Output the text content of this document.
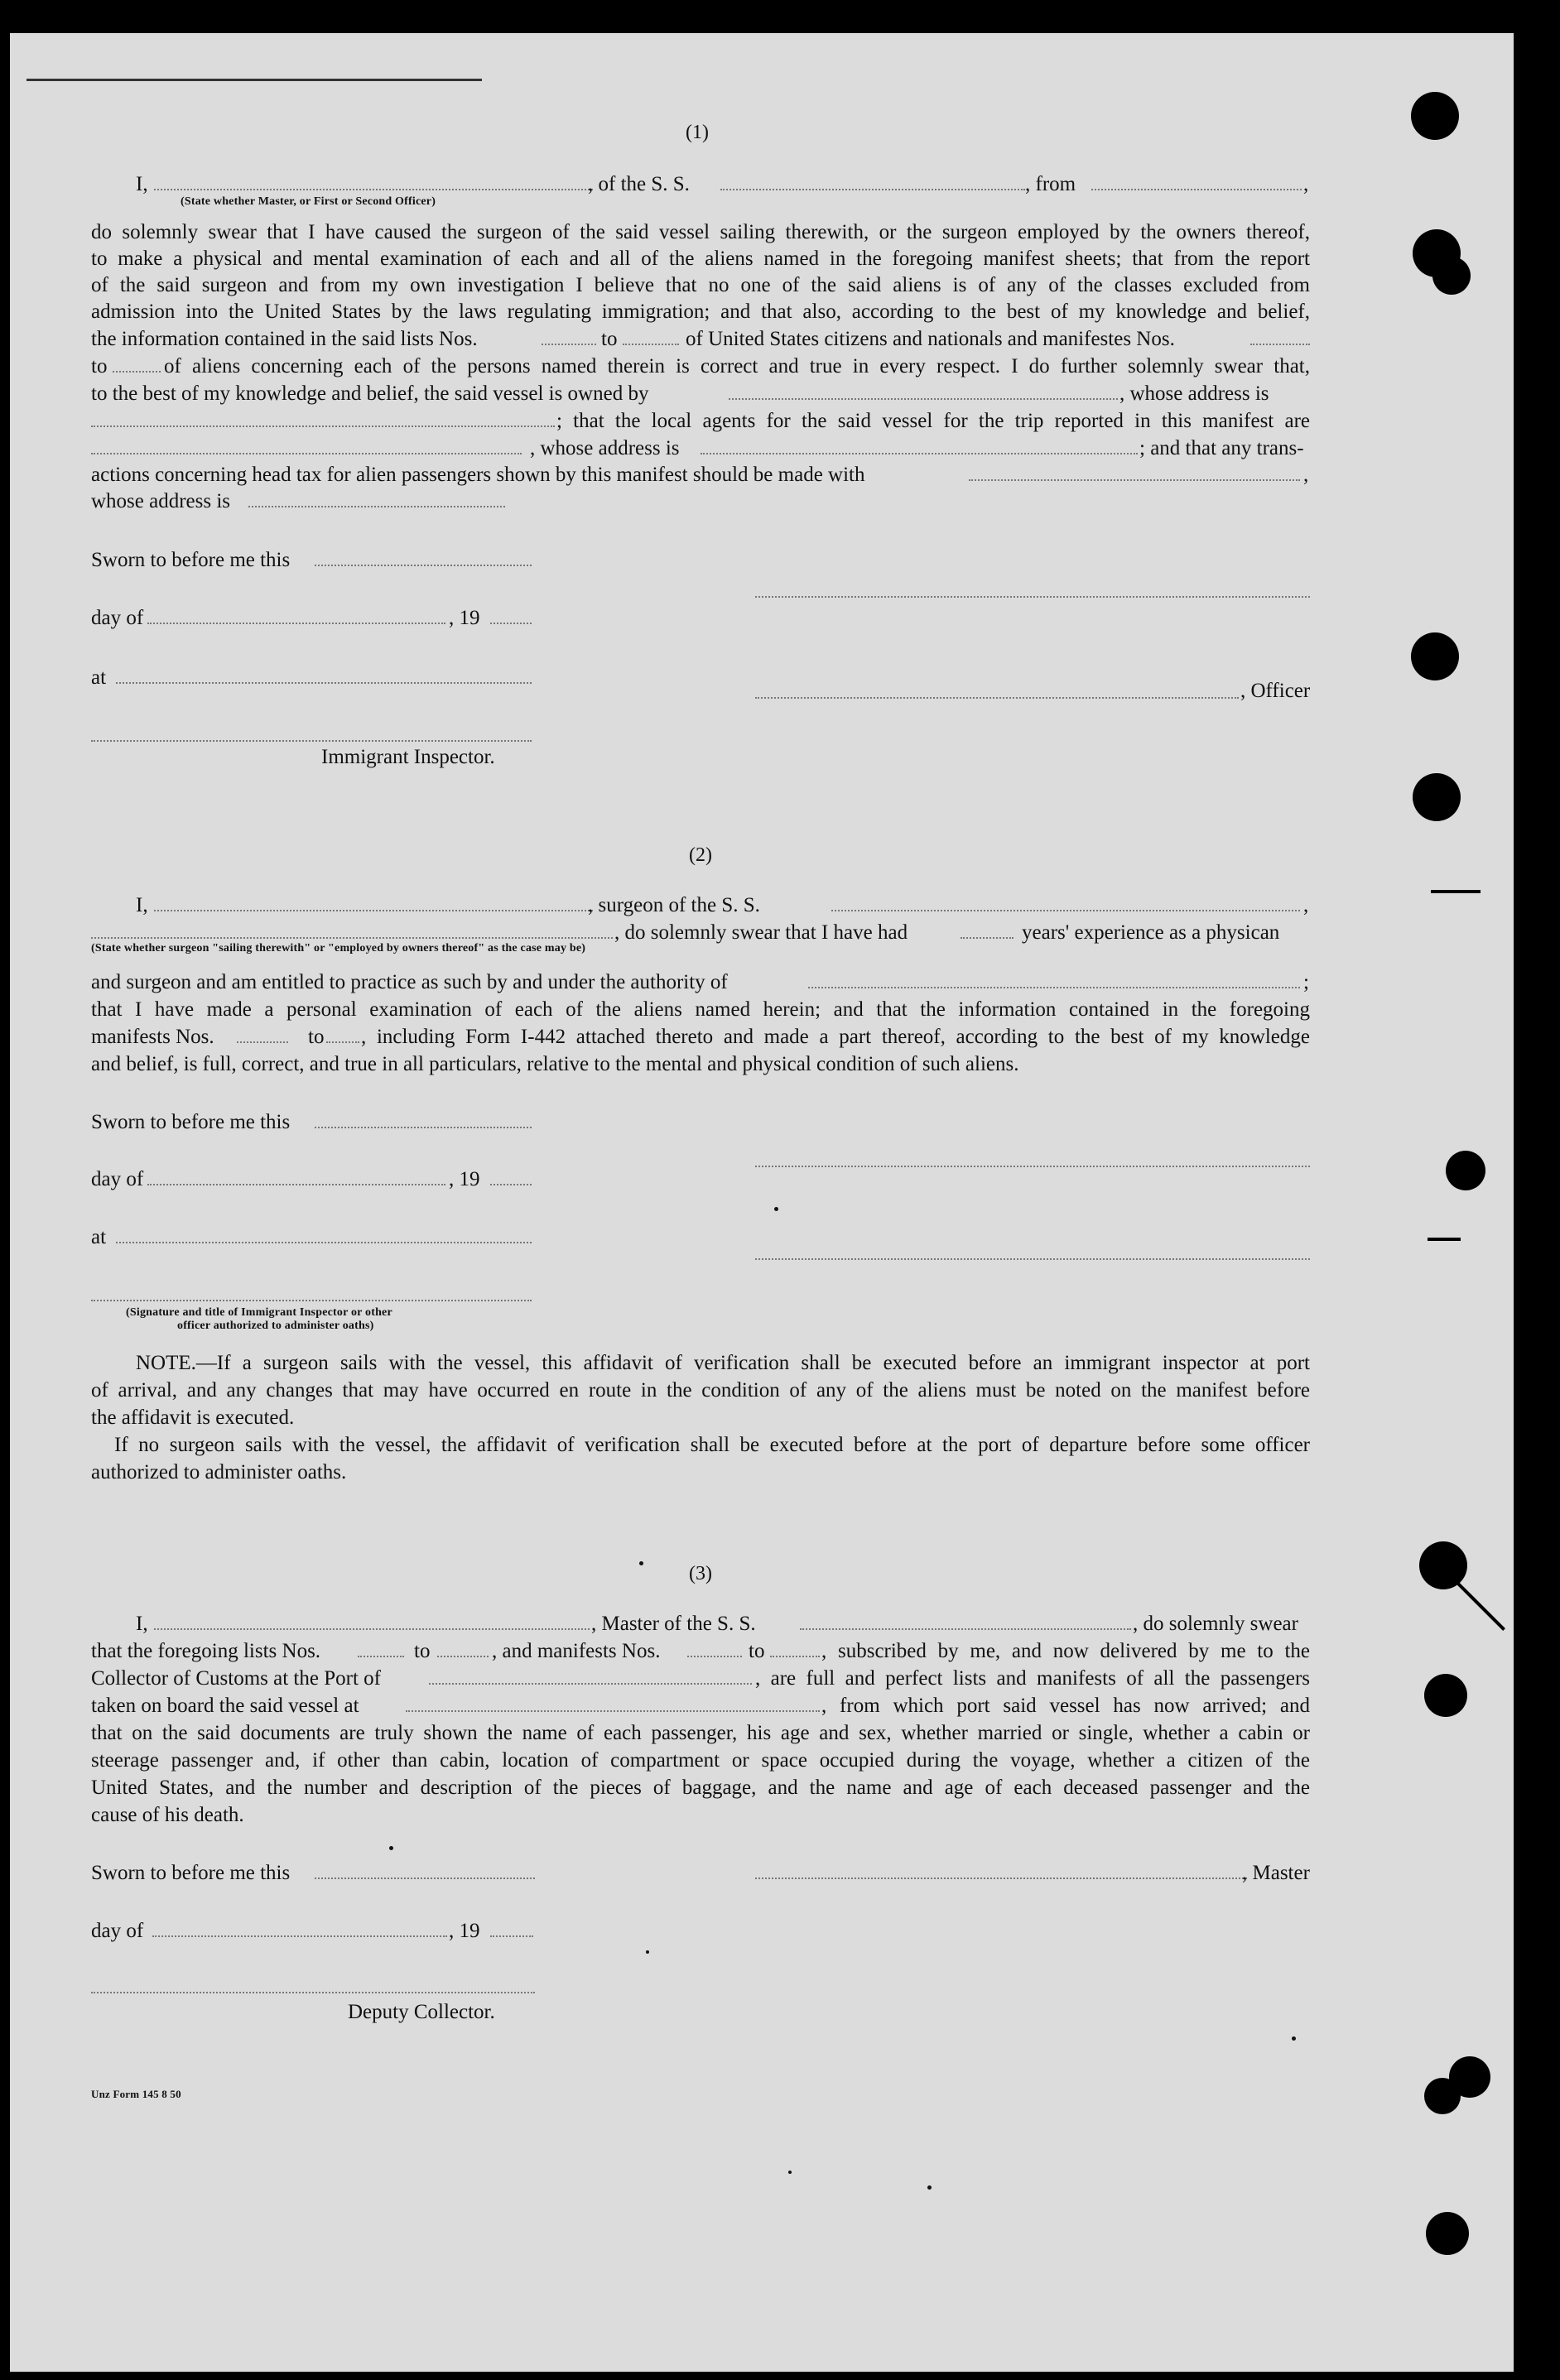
(1)
I,	, of the S. S.	, from	,
(State whether Master, or First or Second Officer)
do solemnly swear that I have caused the surgeon of the said vessel sailing therewith, or the surgeon employed by the owners thereof,
to make a physical and mental examination of each and all of the aliens named in the foregoing manifest sheets; that from the report
of the said surgeon and from my own investigation I believe that no one of the said aliens is of any of the classes excluded from
admission into the United States by the laws regulating immigration; and that also, according to the best of my knowledge and belief,
the information contained in the said lists Nos.	to	of United States citizens and nationals and manifestes Nos.
to	of aliens concerning each of the persons named therein is correct and true in every respect. I do further solemnly swear that,
to the best of my knowledge and belief, the said vessel is owned by	, whose address is
; that the local agents for the said vessel for the trip reported in this manifest are
, whose address is	; and that any trans-
actions concerning head tax for alien passengers shown by this manifest should be made with	,
whose address is
Sworn to before me this
day of	, 19
at
, Officer
Immigrant Inspector.
(2)
I,	, surgeon of the S. S.	,
, do solemnly swear that I have had	years' experience as a physican
(State whether surgeon "sailing therewith" or "employed by owners thereof" as the case may be)
and surgeon and am entitled to practice as such by and under the authority of	;
that I have made a personal examination of each of the aliens named herein; and that the information contained in the foregoing
manifests Nos.	to , including Form I-442 attached thereto and made a part thereof, according to the best of my knowledge
and belief, is full, correct, and true in all particulars, relative to the mental and physical condition of such aliens.
Sworn to before me this
day of	, 19
at
(Signature and title of Immigrant Inspector or other
officer authorized to administer oaths)
NOTE.—If a surgeon sails with the vessel, this affidavit of verification shall be executed before an immigrant inspector at port
of arrival, and any changes that may have occurred en route in the condition of any of the aliens must be noted on the manifest before
the affidavit is executed.
If no surgeon sails with the vessel, the affidavit of verification shall be executed before at the port of departure before some officer
authorized to administer oaths.
(3)
I,	, Master of the S. S.	, do solemnly swear
that the foregoing lists Nos.	to	, and manifests Nos.	to	, subscribed by me, and now delivered by me to the
Collector of Customs at the Port of	, are full and perfect lists and manifests of all the passengers
taken on board the said vessel at	, from which port said vessel has now arrived; and
that on the said documents are truly shown the name of each passenger, his age and sex, whether married or single, whether a cabin or
steerage passenger and, if other than cabin, location of compartment or space occupied during the voyage, whether a citizen of the
United States, and the number and description of the pieces of baggage, and the name and age of each deceased passenger and the
cause of his death.
Sworn to before me this	, Master
day of	, 19
Deputy Collector.
Unz Form 145 8 50
